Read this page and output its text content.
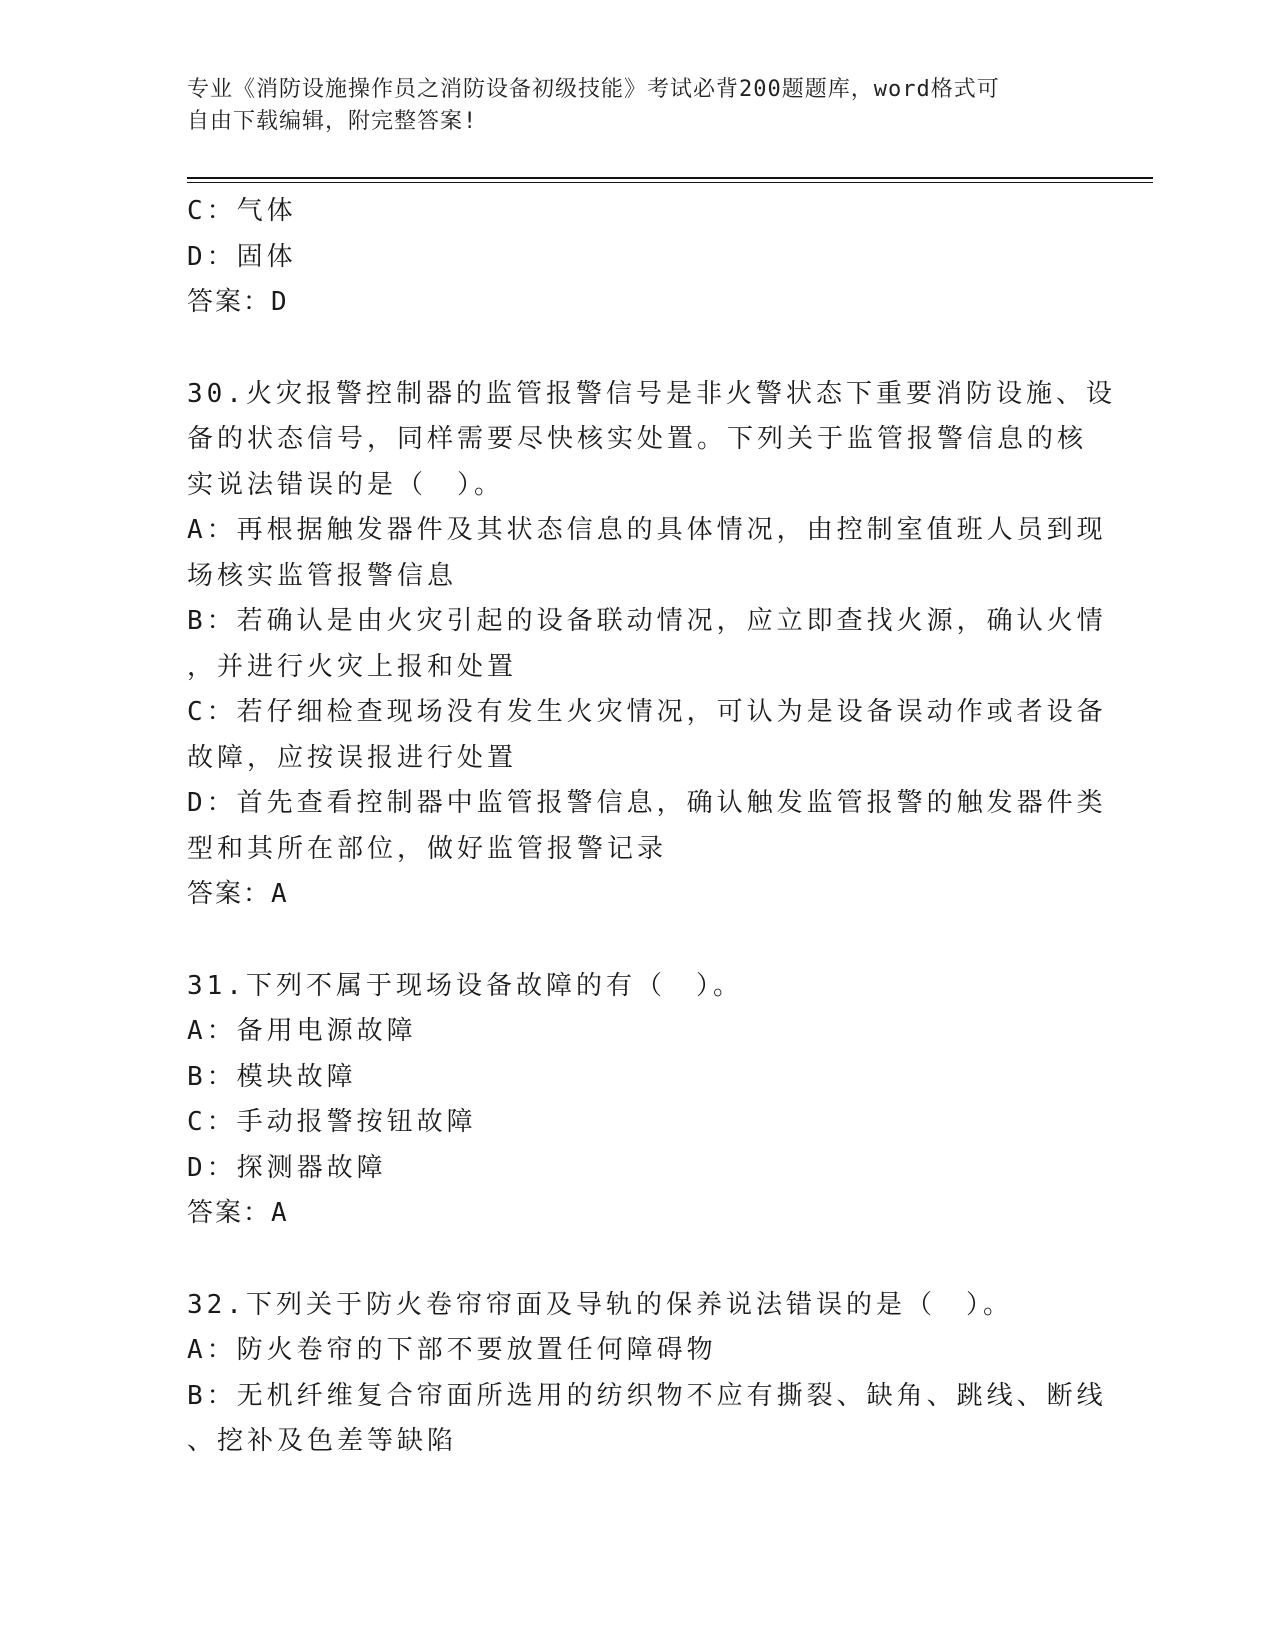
专业《消防设施操作员之消防设备初级技能》考试必背200题题库，word格式可
自由下载编辑，附完整答案!
C：气体
D：固体
答案：D
30.火灾报警控制器的监管报警信号是非火警状态下重要消防设施、设
备的状态信号，同样需要尽快核实处置。下列关于监管报警信息的核
实说法错误的是（　）。
A：再根据触发器件及其状态信息的具体情况，由控制室值班人员到现
场核实监管报警信息
B：若确认是由火灾引起的设备联动情况，应立即查找火源，确认火情
，并进行火灾上报和处置
C：若仔细检查现场没有发生火灾情况，可认为是设备误动作或者设备
故障，应按误报进行处置
D：首先查看控制器中监管报警信息，确认触发监管报警的触发器件类
型和其所在部位，做好监管报警记录
答案：A
31.下列不属于现场设备故障的有（　）。
A：备用电源故障
B：模块故障
C：手动报警按钮故障
D：探测器故障
答案：A
32.下列关于防火卷帘帘面及导轨的保养说法错误的是（　）。
A：防火卷帘的下部不要放置任何障碍物
B：无机纤维复合帘面所选用的纺织物不应有撕裂、缺角、跳线、断线
、挖补及色差等缺陷
